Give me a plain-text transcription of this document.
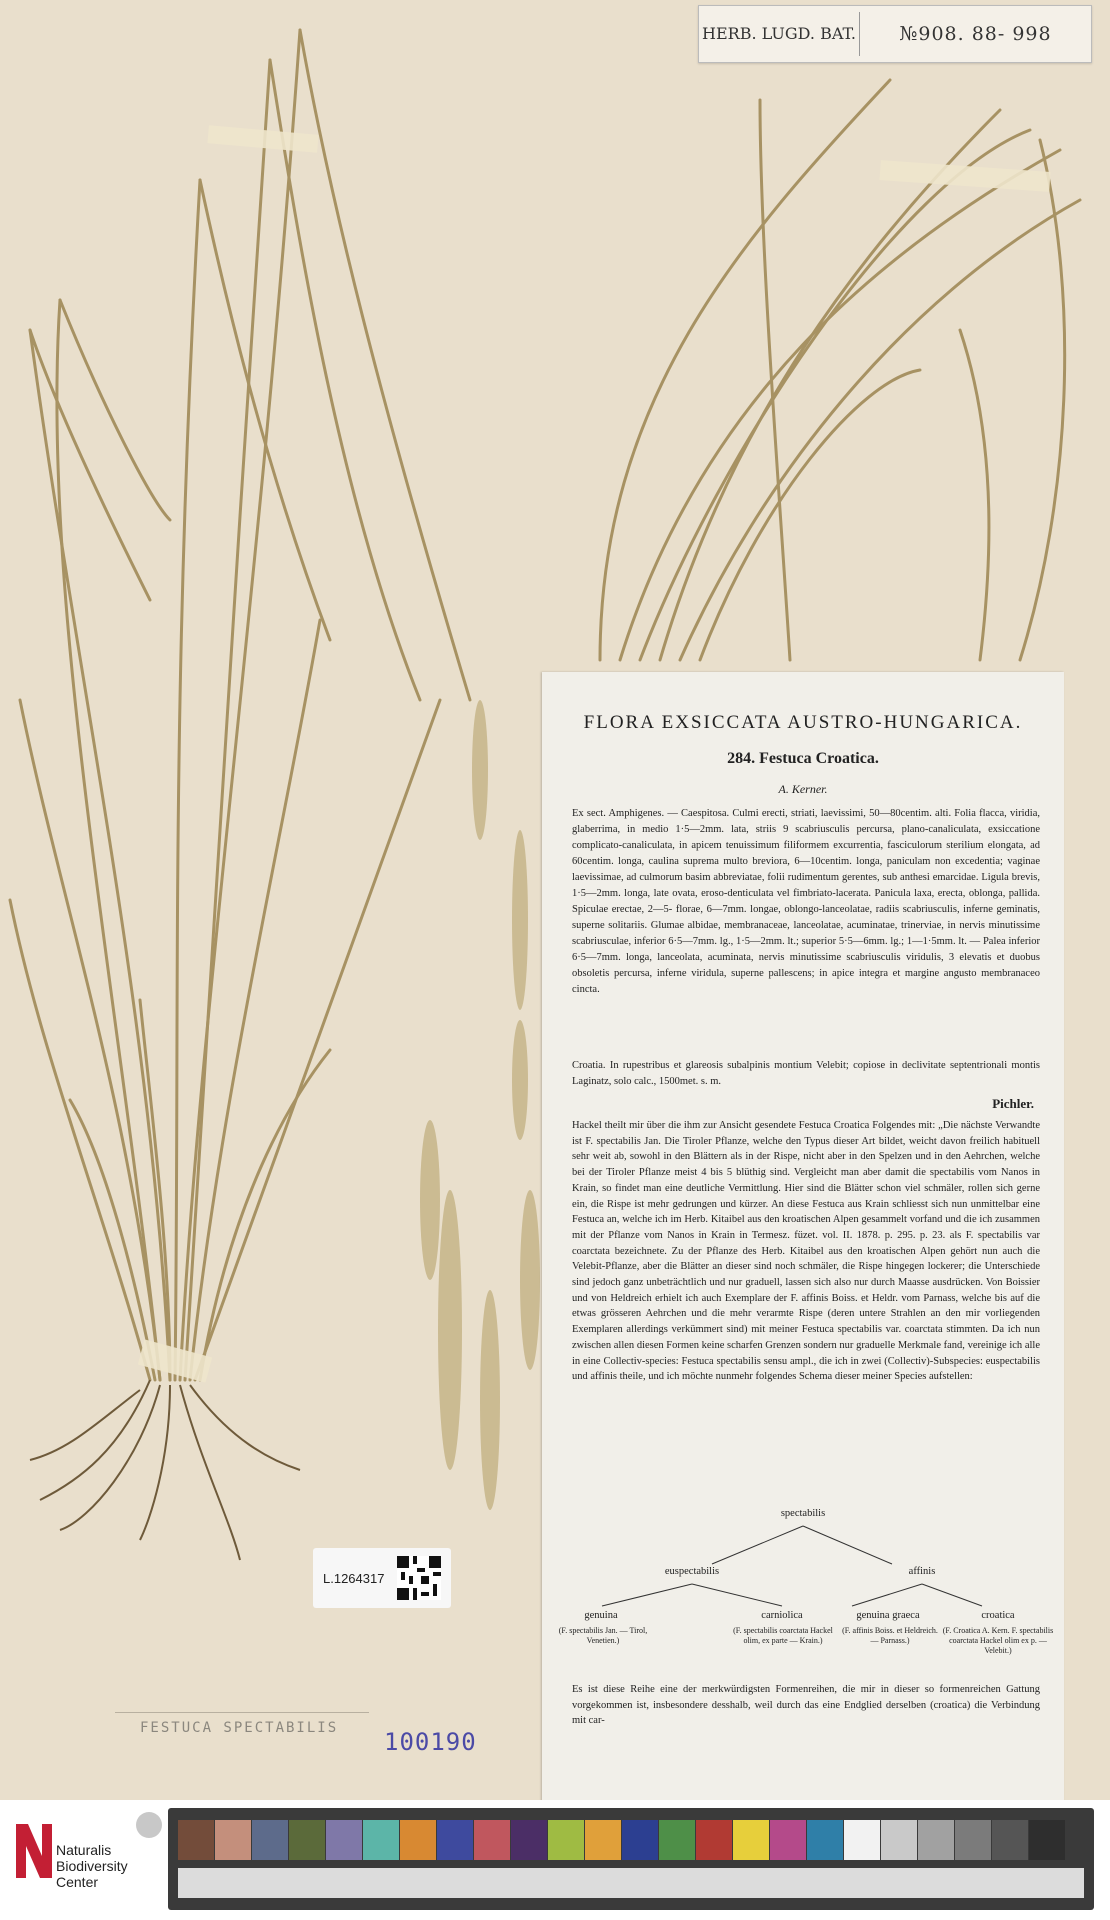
HERB. LUGD. BAT.	№908. 88- 998
FLORA EXSICCATA AUSTRO-HUNGARICA.
284. Festuca Croatica.
A. Kerner.
Ex sect. Amphigenes. — Caespitosa. Culmi erecti, striati, laevissimi, 50—80centim. alti. Folia flacca, viridia, glaberrima, in medio 1·5—2mm. lata, striis 9 scabriusculis percursa, plano-canaliculata, exsiccatione complicato-canaliculata, in apicem tenuissimum filiformem excurrentia, fasciculorum sterilium elongata, ad 60centim. longa, caulina suprema multo breviora, 6—10centim. longa, paniculam non excedentia; vaginae laevissimae, ad culmorum basim abbreviatae, folii rudimentum gerentes, sub anthesi emarcidae. Ligula brevis, 1·5—2mm. longa, late ovata, eroso-denticulata vel fimbriato-lacerata. Panicula laxa, erecta, oblonga, pallida. Spiculae erectae, 2—5- florae, 6—7mm. longae, oblongo-lanceolatae, radiis scabriusculis, inferne geminatis, superne solitariis. Glumae albidae, membranaceae, lanceolatae, acuminatae, trinerviae, in nervis minutissime scabriusculae, inferior 6·5—7mm. lg., 1·5—2mm. lt.; superior 5·5—6mm. lg.; 1—1·5mm. lt. — Palea inferior 6·5—7mm. longa, lanceolata, acuminata, nervis minutissime scabriusculis viridulis, 3 elevatis et duobus obsoletis percursa, inferne viridula, superne pallescens; in apice integra et margine angusto membranaceo cincta.
Croatia. In rupestribus et glareosis subalpinis montium Velebit; copiose in declivitate septentrionali montis Laginatz, solo calc., 1500met. s. m.
Pichler.
Hackel theilt mir über die ihm zur Ansicht gesendete Festuca Croatica Folgendes mit: „Die nächste Verwandte ist F. spectabilis Jan. Die Tiroler Pflanze, welche den Typus dieser Art bildet, weicht davon freilich habituell sehr weit ab, sowohl in den Blättern als in der Rispe, nicht aber in den Spelzen und in den Aehrchen, welche bei der Tiroler Pflanze meist 4 bis 5 blüthig sind. Vergleicht man aber damit die spectabilis vom Nanos in Krain, so findet man eine deutliche Vermittlung. Hier sind die Blätter schon viel schmäler, rollen sich gerne ein, die Rispe ist mehr gedrungen und kürzer. An diese Festuca aus Krain schliesst sich nun unmittelbar eine Festuca an, welche ich im Herb. Kitaibel aus den kroatischen Alpen gesammelt vorfand und die ich zusammen mit der Pflanze vom Nanos in Krain in Termesz. füzet. vol. II. 1878. p. 295. p. 23. als F. spectabilis var coarctata bezeichnete. Zu der Pflanze des Herb. Kitaibel aus den kroatischen Alpen gehört nun auch die Velebit-Pflanze, aber die Blätter an dieser sind noch schmäler, die Rispe hingegen lockerer; die Unterschiede sind jedoch ganz unbeträchtlich und nur graduell, lassen sich also nur durch Maasse ausdrücken. Von Boissier und von Heldreich erhielt ich auch Exemplare der F. affinis Boiss. et Heldr. vom Parnass, welche bis auf die etwas grösseren Aehrchen und die mehr verarmte Rispe (deren untere Strahlen an den mir vorliegenden Exemplaren allerdings verkümmert sind) mit meiner Festuca spectabilis var. coarctata stimmten. Da ich nun zwischen allen diesen Formen keine scharfen Grenzen sondern nur graduelle Merkmale fand, vereinige ich alle in eine Collectiv-species: Festuca spectabilis sensu ampl., die ich in zwei (Collectiv)-Subspecies: euspectabilis und affinis theile, und ich möchte nunmehr folgendes Schema dieser meiner Species aufstellen:
spectabilis
euspectabilis	affinis
genuina
(F. spectabilis Jan. — Tirol, Venetien.)
carniolica
(F. spectabilis coarctata Hackel olim, ex parte — Krain.)
genuina graeca
(F. affinis Boiss. et Heldreich. — Parnass.)
croatica
(F. Croatica A. Kern. F. spectabilis coarctata Hackel olim ex p. — Velebit.)
Es ist diese Reihe eine der merkwürdigsten Formenreihen, die mir in dieser so formenreichen Gattung vorgekommen ist, insbesondere desshalb, weil durch das eine Endglied derselben (croatica) die Verbindung mit car-
L.1264317
FESTUCA SPECTABILIS	100190
Naturalis
Biodiversity
Center
